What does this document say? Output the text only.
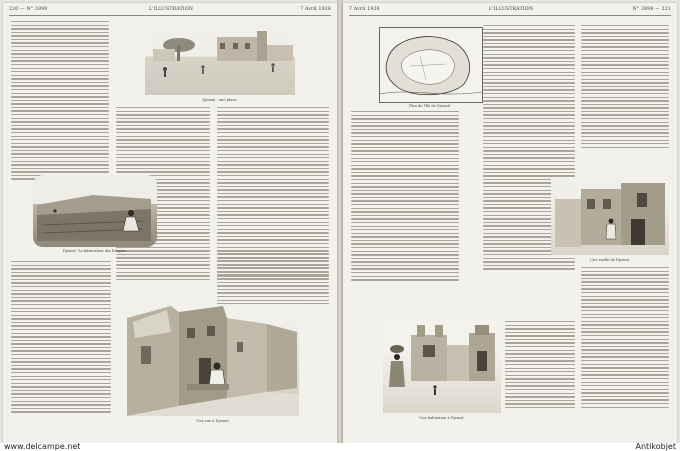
220 — N° 3998	L'ILLUSTRATION	7 Avril 1928
Djenné : une place.
Djenné : la fabrication des briques.
Une rue à Djenné.
7 Avril 1928	L'ILLUSTRATION	N° 3998 — 221
Plan de l'île de Djenné.
Une ruelle de Djenné.
Une habitation à Djenné.
www.delcampe.net	Antikobjet
